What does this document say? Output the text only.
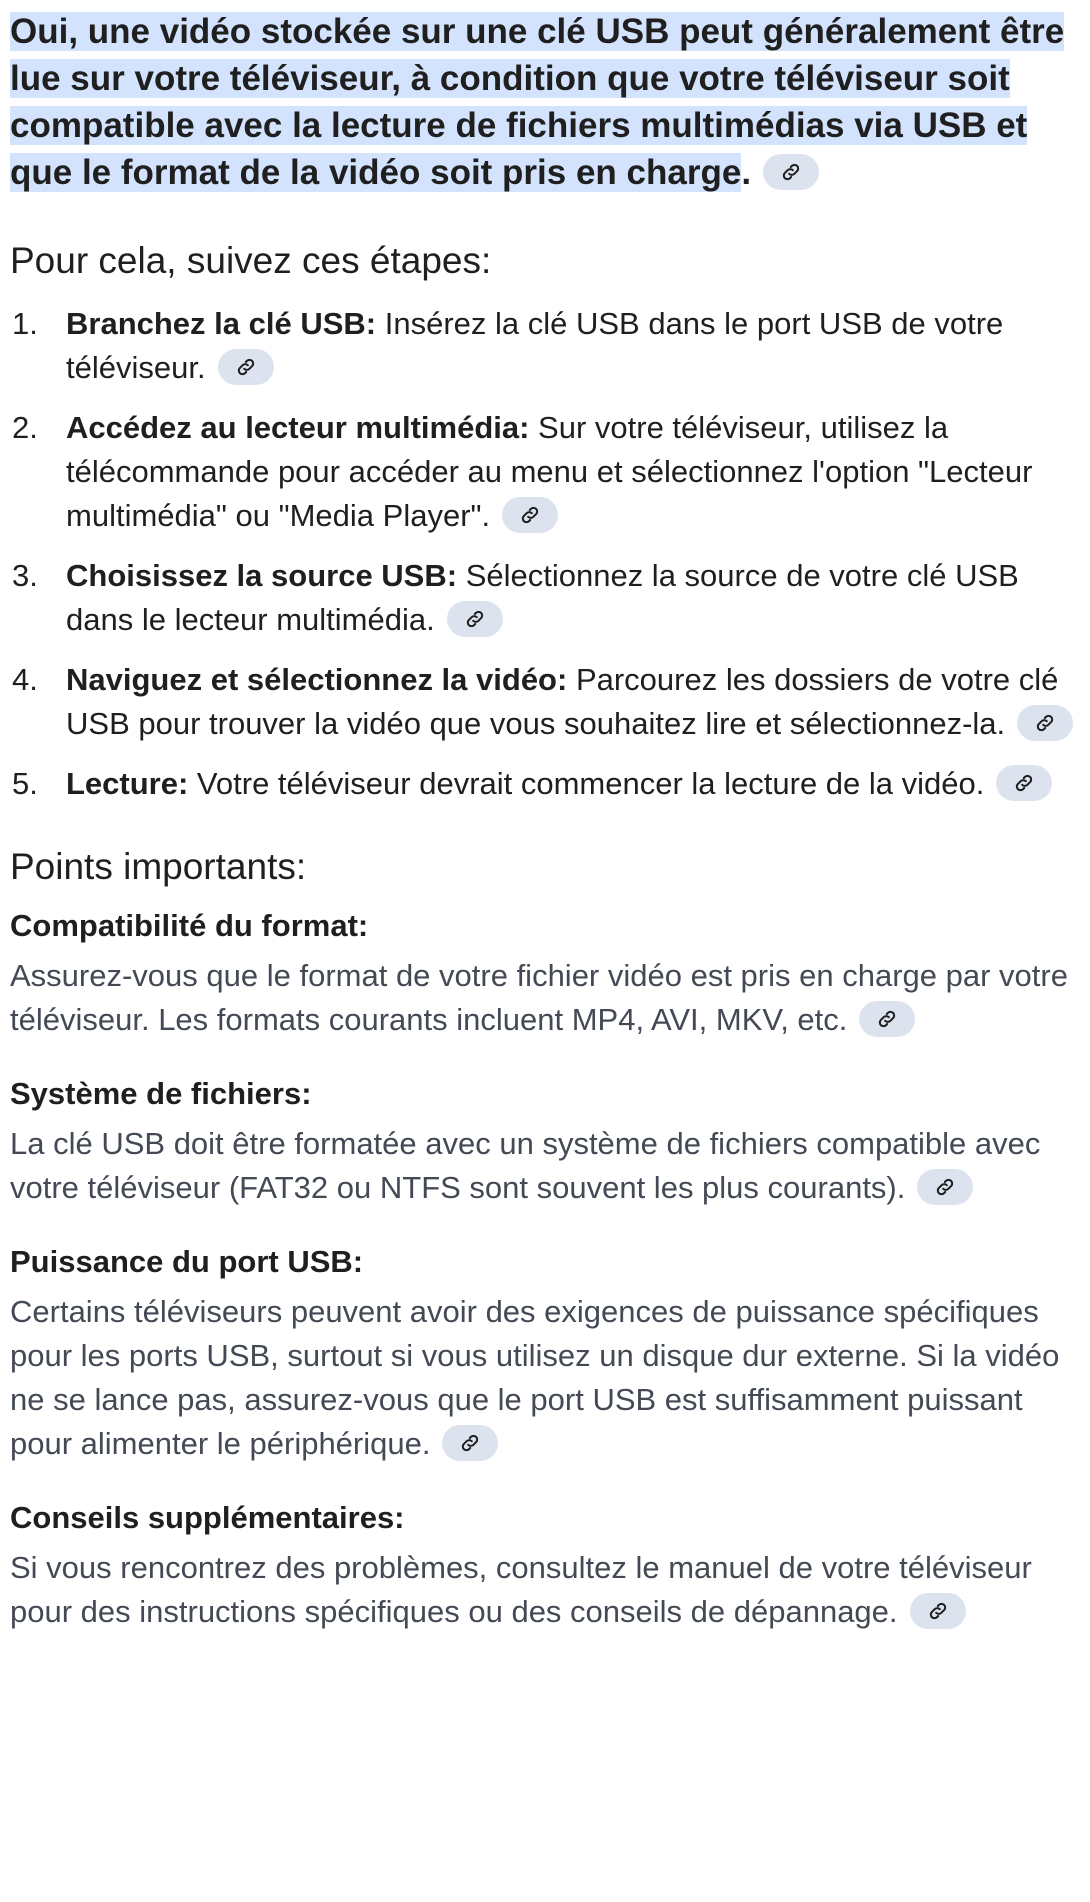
Oui, une vidéo stockée sur une clé USB peut généralement être lue sur votre téléviseur, à condition que votre téléviseur soit compatible avec la lecture de fichiers multimédias via USB et que le format de la vidéo soit pris en charge.

Pour cela, suivez ces étapes:
1. Branchez la clé USB: Insérez la clé USB dans le port USB de votre téléviseur.
2. Accédez au lecteur multimédia: Sur votre téléviseur, utilisez la télécommande pour accéder au menu et sélectionnez l'option "Lecteur multimédia" ou "Media Player".
3. Choisissez la source USB: Sélectionnez la source de votre clé USB dans le lecteur multimédia.
4. Naviguez et sélectionnez la vidéo: Parcourez les dossiers de votre clé USB pour trouver la vidéo que vous souhaitez lire et sélectionnez-la.
5. Lecture: Votre téléviseur devrait commencer la lecture de la vidéo.
Points importants:

Compatibilité du format:

Assurez-vous que le format de votre fichier vidéo est pris en charge par votre téléviseur. Les formats courants incluent MP4, AVI, MKV, etc.

Système de fichiers:

La clé USB doit être formatée avec un système de fichiers compatible avec votre téléviseur (FAT32 ou NTFS sont souvent les plus courants).

Puissance du port USB:

Certains téléviseurs peuvent avoir des exigences de puissance spécifiques pour les ports USB, surtout si vous utilisez un disque dur externe. Si la vidéo ne se lance pas, assurez-vous que le port USB est suffisamment puissant pour alimenter le périphérique.

Conseils supplémentaires:

Si vous rencontrez des problèmes, consultez le manuel de votre téléviseur pour des instructions spécifiques ou des conseils de dépannage.
